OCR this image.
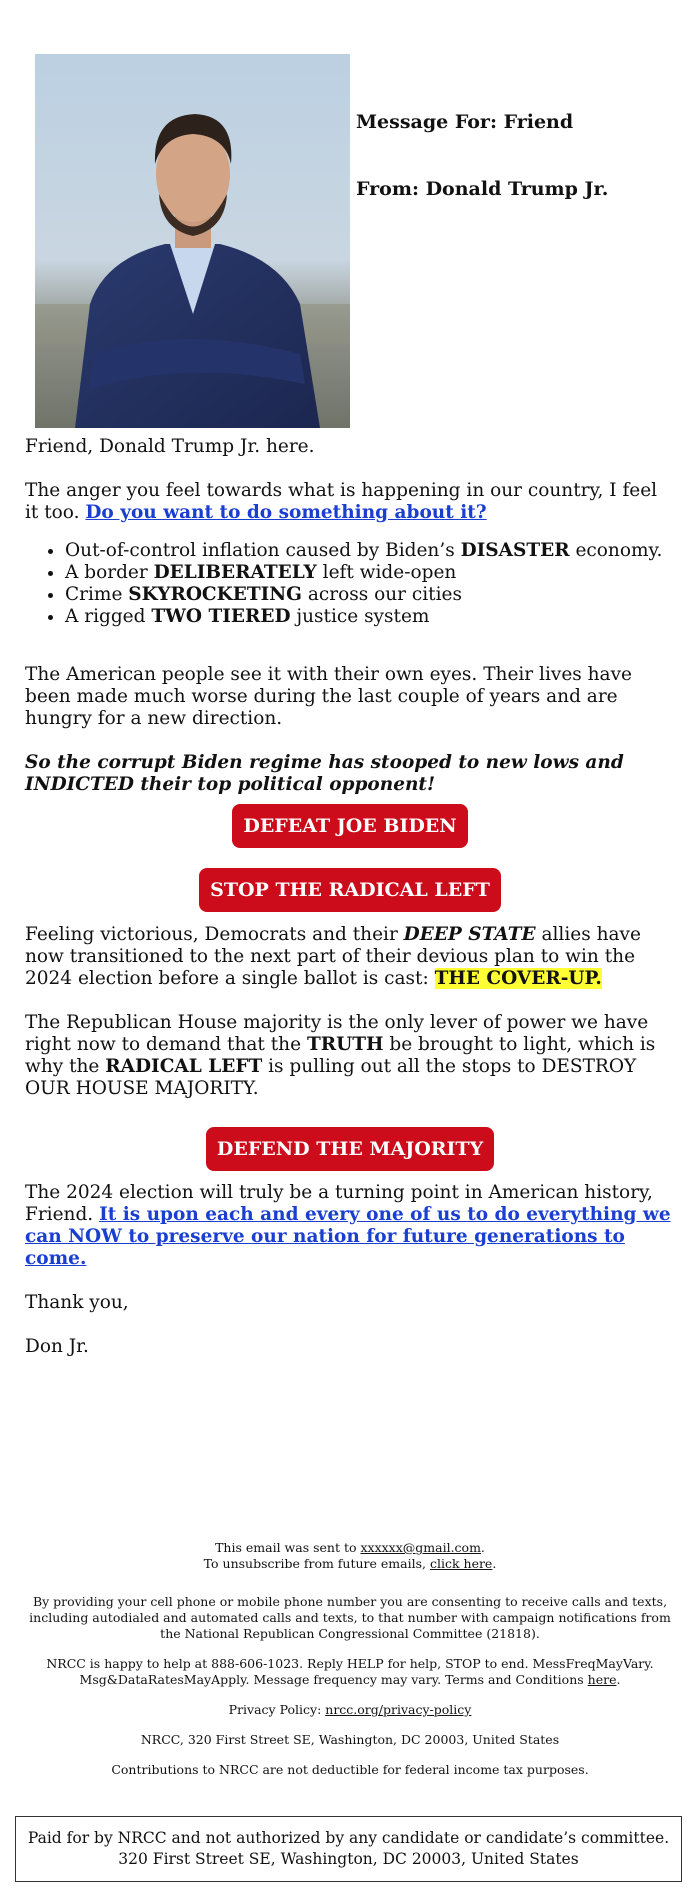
Message For: Friend
From: Donald Trump Jr.

Friend, Donald Trump Jr. here.

The anger you feel towards what is happening in our country, I feel it too. Do you want to do something about it?

• Out-of-control inflation caused by Biden’s DISASTER economy.
• A border DELIBERATELY left wide-open
• Crime SKYROCKETING across our cities
• A rigged TWO TIERED justice system

The American people see it with their own eyes. Their lives have been made much worse during the last couple of years and are hungry for a new direction.

So the corrupt Biden regime has stooped to new lows and INDICTED their top political opponent!

DEFEAT JOE BIDEN
STOP THE RADICAL LEFT

Feeling victorious, Democrats and their DEEP STATE allies have now transitioned to the next part of their devious plan to win the 2024 election before a single ballot is cast: THE COVER-UP.

The Republican House majority is the only lever of power we have right now to demand that the TRUTH be brought to light, which is why the RADICAL LEFT is pulling out all the stops to DESTROY OUR HOUSE MAJORITY.

DEFEND THE MAJORITY

The 2024 election will truly be a turning point in American history, Friend. It is upon each and every one of us to do everything we can NOW to preserve our nation for future generations to come.

Thank you,

Don Jr.

This email was sent to xxxxxx@gmail.com.

To unsubscribe from future emails, click here.

By providing your cell phone or mobile phone number you are consenting to receive calls and texts, including autodialed and automated calls and texts, to that number with campaign notifications from the National Republican Congressional Committee (21818).

NRCC is happy to help at 888-606-1023. Reply HELP for help, STOP to end. MessFreqMayVary. Msg&DataRatesMayApply. Message frequency may vary. Terms and Conditions here.

Privacy Policy: nrcc.org/privacy-policy

NRCC, 320 First Street SE, Washington, DC 20003, United States

Contributions to NRCC are not deductible for federal income tax purposes.

Paid for by NRCC and not authorized by any candidate or candidate’s committee. 320 First Street SE, Washington, DC 20003, United States
